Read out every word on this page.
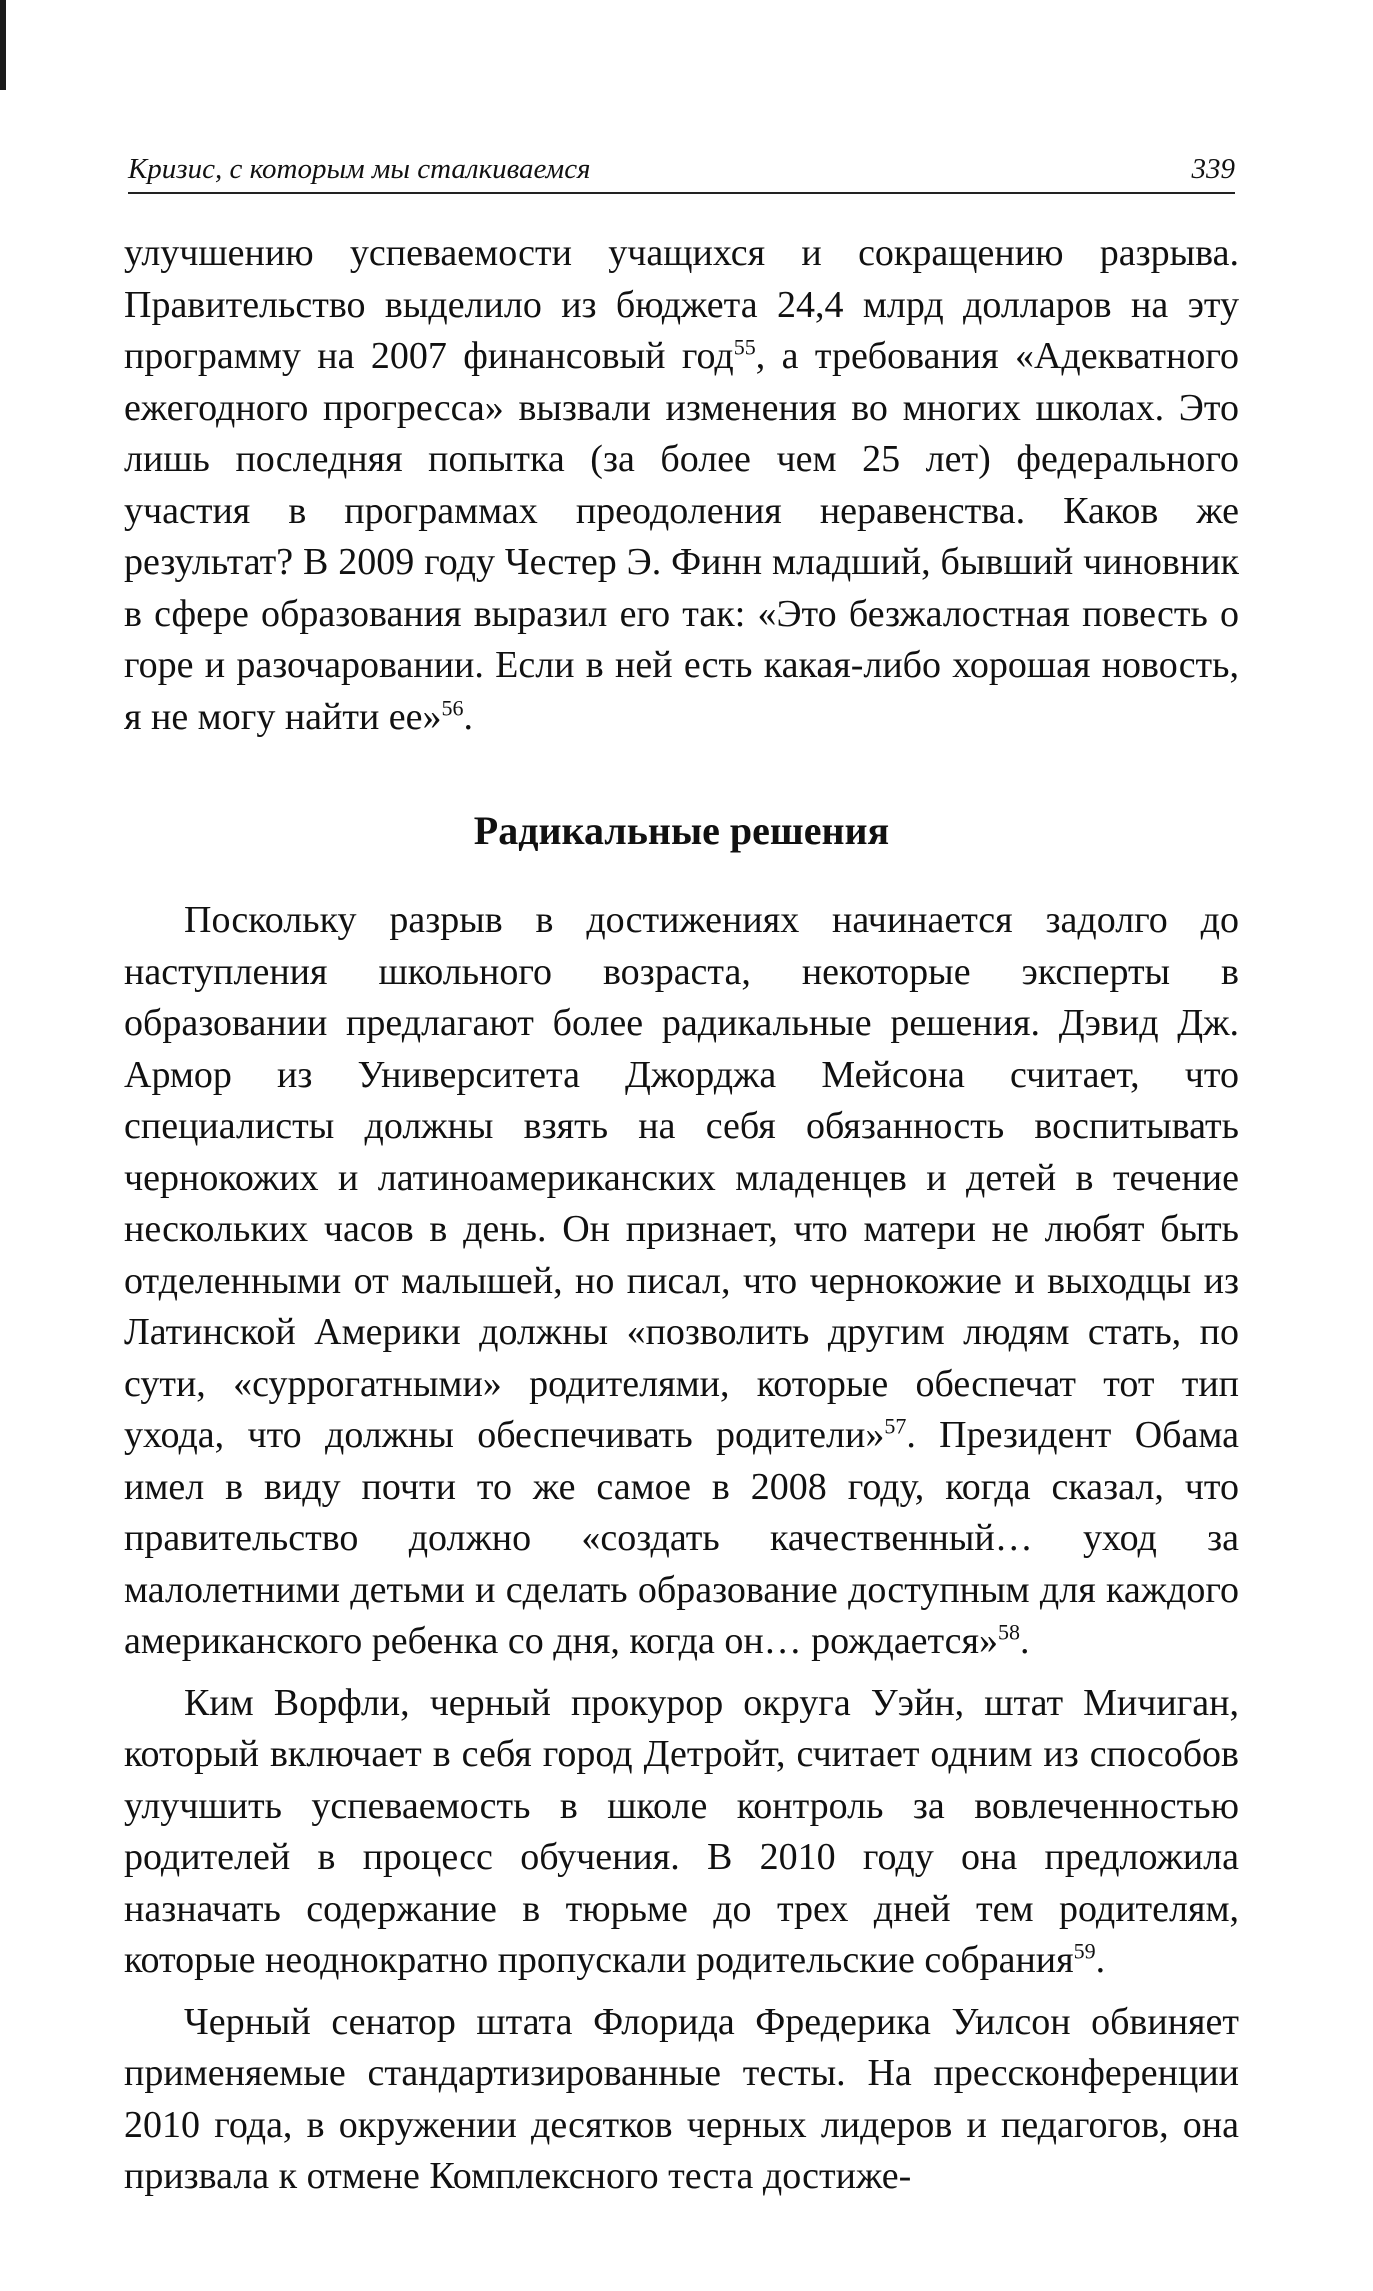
Кризис, с которым мы сталкиваемся	339

улучшению успеваемости учащихся и сокращению разрыва. Правительство выделило из бюджета 24,4 млрд долларов на эту программу на 2007 финансовый год$^{55}$, а требования «Адекватного ежегодного прогресса» вызвали изменения во многих школах. Это лишь последняя попытка (за более чем 25 лет) федерального участия в программах преодоления неравенства. Каков же результат? В 2009 году Честер Э. Финн младший, бывший чиновник в сфере образования выразил его так: «Это безжалостная повесть о горе и разочаровании. Если в ней есть какая-либо хорошая новость, я не могу найти ее»$^{56}$.

Радикальные решения

Поскольку разрыв в достижениях начинается задолго до наступления школьного возраста, некоторые эксперты в образовании предлагают более радикальные решения. Дэвид Дж. Армор из Университета Джорджа Мейсона считает, что специалисты должны взять на себя обязанность воспитывать чернокожих и латиноамериканских младенцев и детей в течение нескольких часов в день. Он признает, что матери не любят быть отделенными от малышей, но писал, что чернокожие и выходцы из Латинской Америки должны «позволить другим людям стать, по сути, «суррогатными» родителями, которые обеспечат тот тип ухода, что должны обеспечивать родители»$^{57}$. Президент Обама имел в виду почти то же самое в 2008 году, когда сказал, что правительство должно «создать качественный… уход за малолетними детьми и сделать образование доступным для каждого американского ребенка со дня, когда он… рождается»$^{58}$.

Ким Ворфли, черный прокурор округа Уэйн, штат Мичиган, который включает в себя город Детройт, считает одним из способов улучшить успеваемость в школе контроль за вовлеченностью родителей в процесс обучения. В 2010 году она предложила назначать содержание в тюрьме до трех дней тем родителям, которые неоднократно пропускали родительские собрания$^{59}$.

Черный сенатор штата Флорида Фредерика Уилсон обвиняет применяемые стандартизированные тесты. На прессконференции 2010 года, в окружении десятков черных лидеров и педагогов, она призвала к отмене Комплексного теста достиже-
